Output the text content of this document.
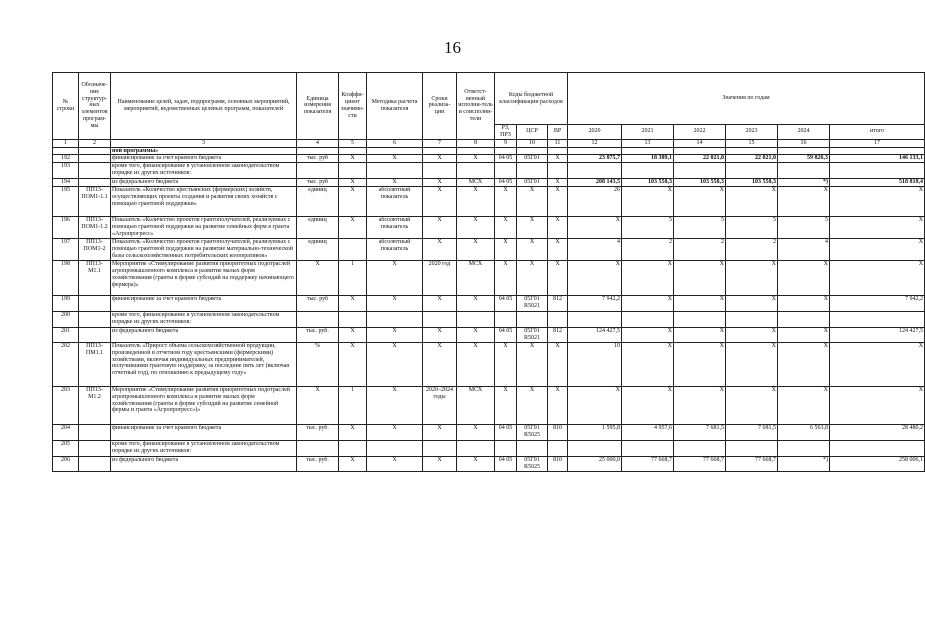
16
№ строки	Обозначе-ние структур-ных элементов програм-мы	Наименование целей, задач, подпрограмм, основных мероприятий, мероприятий, ведомственных целевых программ, показателей	Единица измерения показателя	Коэффи-циент значимо-сти	Методика расчета показателя	Сроки реализа-ции	Ответст-венный исполни-тель и соисполни-тели	Коды бюджетной классификации расходов			Значения по годам					
								РЗ, ПРЗ	ЦСР	ВР	2020	2021	2022	2023	2024	итого
1	2	3	4	5	6	7	8	9	10	11	12	13	14	15	16	17
		ной программы»														
192		финансирование за счет краевого бюджета	тыс. руб	X	X	X	X	04 05	05Г01	X	23 875,7	18 389,1	22 021,0	22 021,0	59 826,3	146 133,1
193		кроме того, финансирование в установленном законодательством порядке из других источников:														
194		из федерального бюджета	тыс. руб	X	X	X	МСХ	04 05	05Г01	X	208 143,5	103 558,3	103 558,3	103 558,3	*)	518 818,4
195	ПП13-ПОМ1-1.1	Показатель «Количество крестьянских (фермерских) хозяйств, осуществляющих проекты создания и развития своих хозяйств с помощью грантовой поддержки»	единиц	X	абсолютный показатель	X	X	X	X	X	26	X	X	X	X	X
196	ПП13-ПОМ1-1.2	Показатель «Количество проектов грантополучателей, реализуемых с помощью грантовой поддержки на развитие семейных ферм в гранта «Агропрогресс»	единиц	X	абсолютный показатель	X	X	X	X	X	X	5	5	5	5	X
197	ПП13-ПОМ1-2	Показатель «Количество проектов грантополучателей, реализуемых с помощью грантовой поддержки на развитие материально-технической базы сельскохозяйственных потребительских кооперативов»	единиц		абсолютный показатель	X	X	X	X	X	4	2	2	2	4	X
198	ПП13-М1.1	Мероприятие «Стимулирование развития приоритетных подотраслей агропромышленного комплекса и развитие малых форм хозяйствования (гранты в форме субсидий на поддержку начинающего фермера)»	X	1	X	2020 год	МСХ	X	X	X	X	X	X	X	X	X
199		финансирование за счет краевого бюджета	тыс. руб	X	X	X	X	04 05	05Г01 R5021	812	7 942,2	X	X	X	X	7 942,2
200		кроме того, финансирование в установленном законодательством порядке из других источников:														
201		из федерального бюджета	тыс. руб.	X	X	X	X	04 05	05Г01 R5021	812	124 427,5	X	X	X	X	124 427,5
202	ПП13-ПМ1.1	Показатель «Прирост объема сельскохозяйственной продукции, произведенной в отчетном году крестьянскими (фермерскими) хозяйствами, включая индивидуальных предпринимателей, получившими грантовую поддержку, за последние пять лет (включая отчетный год), по отношению к предыдущему году»	%	X	X	X	X	X	X	X	10	X	X	X	X	X
203	ПП13-М1.2	Мероприятие «Стимулирование развития приоритетных подотраслей агропромышленного комплекса и развитие малых форм хозяйствования (гранты в форме субсидий на развитие семейной фермы и гранта «Агропрогресс»)»	X	1	X	2020–2024 годы	МСХ	X	X	X	X	X	X	X	X	X
204		финансирование за счет краевого бюджета	тыс. руб.	X	X	X	X	04 05	05Г01 R5025	810	1 595,8	4 957,6	7 681,5	7 681,5	6 563,8	28 480,2
205		кроме того, финансирование в установленном законодательством порядке из других источников:														
206		из федерального бюджета	тыс. руб.	X	X	X	X	04 05	05Г01 R5025	810	25 000,0	77 668,7	77 668,7	77 668,7	*)	258 006,1
